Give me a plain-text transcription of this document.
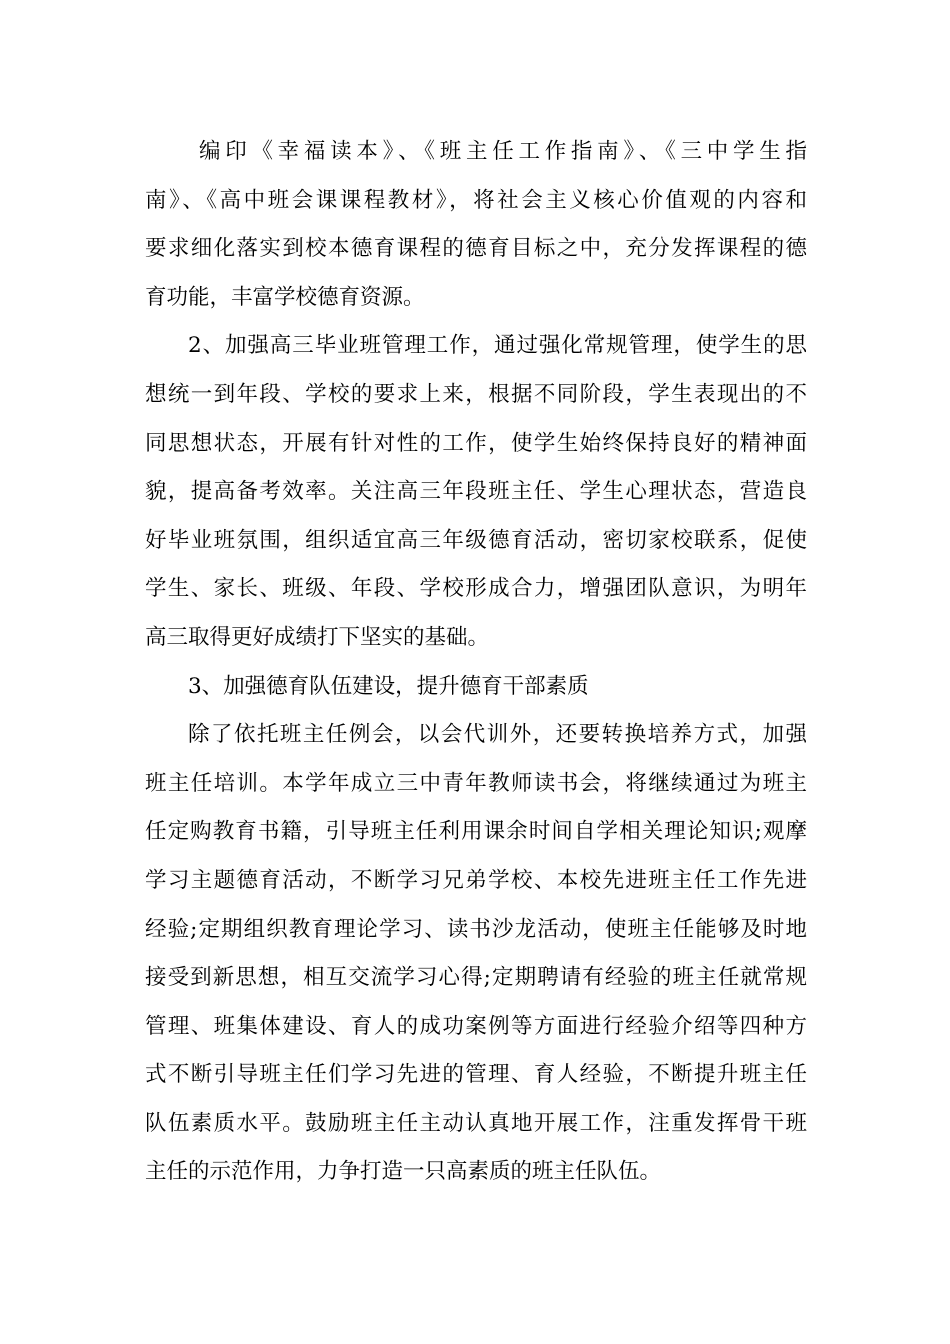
编印《幸福读本》、《班主任工作指南》、《三中学生指
南》、《高中班会课课程教材》，将社会主义核心价值观的内容和
要求细化落实到校本德育课程的德育目标之中，充分发挥课程的德
育功能，丰富学校德育资源。
2、加强高三毕业班管理工作，通过强化常规管理，使学生的思
想统一到年段、学校的要求上来，根据不同阶段，学生表现出的不
同思想状态，开展有针对性的工作，使学生始终保持良好的精神面
貌，提高备考效率。关注高三年段班主任、学生心理状态，营造良
好毕业班氛围，组织适宜高三年级德育活动，密切家校联系，促使
学生、家长、班级、年段、学校形成合力，增强团队意识，为明年
高三取得更好成绩打下坚实的基础。
3、加强德育队伍建设，提升德育干部素质
除了依托班主任例会，以会代训外，还要转换培养方式，加强
班主任培训。本学年成立三中青年教师读书会，将继续通过为班主
任定购教育书籍，引导班主任利用课余时间自学相关理论知识;观摩
学习主题德育活动，不断学习兄弟学校、本校先进班主任工作先进
经验;定期组织教育理论学习、读书沙龙活动，使班主任能够及时地
接受到新思想，相互交流学习心得;定期聘请有经验的班主任就常规
管理、班集体建设、育人的成功案例等方面进行经验介绍等四种方
式不断引导班主任们学习先进的管理、育人经验，不断提升班主任
队伍素质水平。鼓励班主任主动认真地开展工作，注重发挥骨干班
主任的示范作用，力争打造一只高素质的班主任队伍。
